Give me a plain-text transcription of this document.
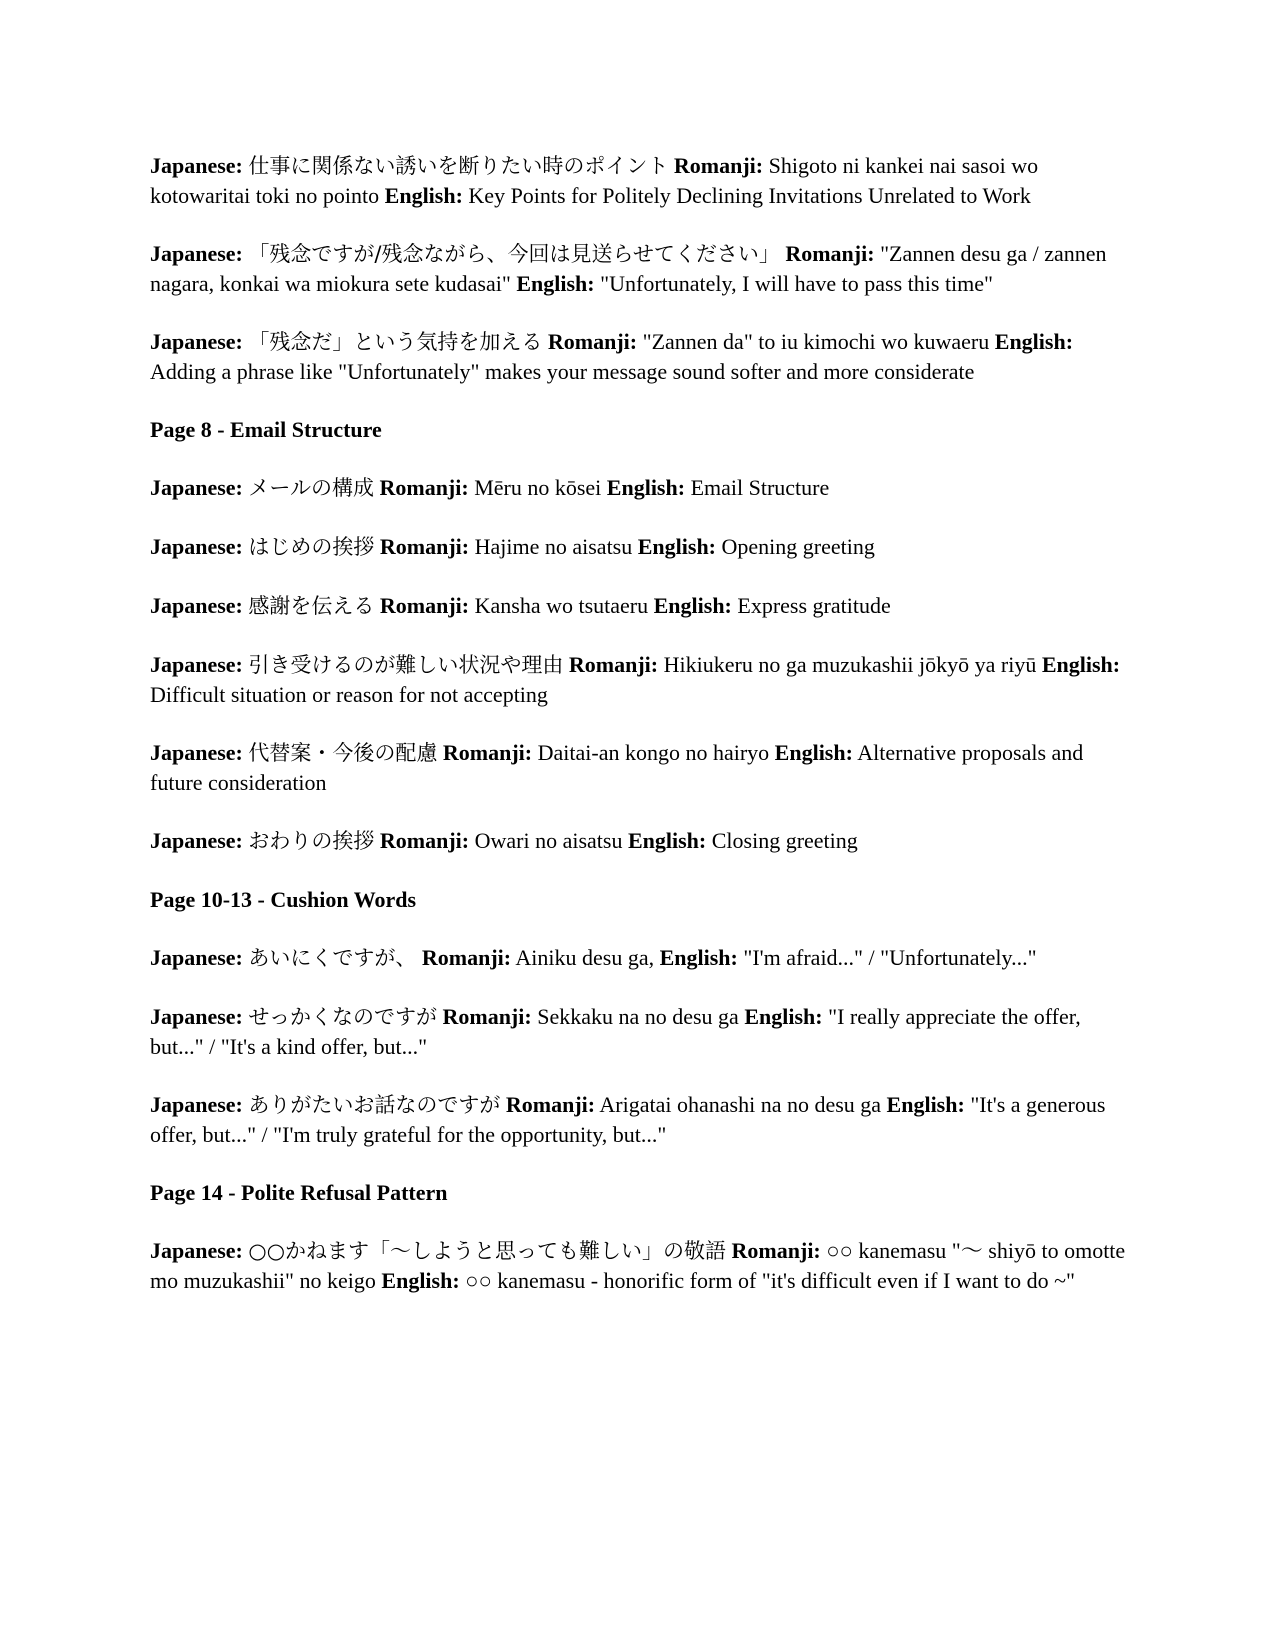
Japanese: 仕事に関係ない誘いを断りたい時のポイント Romanji: Shigoto ni kankei nai sasoi wo kotowaritai toki no pointo English: Key Points for Politely Declining Invitations Unrelated to Work

Japanese: 「残念ですが/残念ながら、今回は見送らせてください」 Romanji: "Zannen desu ga / zannen nagara, konkai wa miokura sete kudasai" English: "Unfortunately, I will have to pass this time"

Japanese: 「残念だ」という気持を加える Romanji: "Zannen da" to iu kimochi wo kuwaeru English: Adding a phrase like "Unfortunately" makes your message sound softer and more considerate

Page 8 - Email Structure

Japanese: メールの構成 Romanji: Mēru no kōsei English: Email Structure

Japanese: はじめの挨拶 Romanji: Hajime no aisatsu English: Opening greeting

Japanese: 感謝を伝える Romanji: Kansha wo tsutaeru English: Express gratitude

Japanese: 引き受けるのが難しい状況や理由 Romanji: Hikiukeru no ga muzukashii jōkyō ya riyū English: Difficult situation or reason for not accepting

Japanese: 代替案・今後の配慮 Romanji: Daitai-an kongo no hairyo English: Alternative proposals and future consideration

Japanese: おわりの挨拶 Romanji: Owari no aisatsu English: Closing greeting

Page 10-13 - Cushion Words

Japanese: あいにくですが、 Romanji: Ainiku desu ga, English: "I'm afraid..." / "Unfortunately..."

Japanese: せっかくなのですが Romanji: Sekkaku na no desu ga English: "I really appreciate the offer, but..." / "It's a kind offer, but..."

Japanese: ありがたいお話なのですが Romanji: Arigatai ohanashi na no desu ga English: "It's a generous offer, but..." / "I'm truly grateful for the opportunity, but..."

Page 14 - Polite Refusal Pattern

Japanese: ○○かねます「〜しようと思っても難しい」の敬語 Romanji: ○○ kanemasu "〜 shiyō to omotte mo muzukashii" no keigo English: ○○ kanemasu - honorific form of "it's difficult even if I want to do ~"
